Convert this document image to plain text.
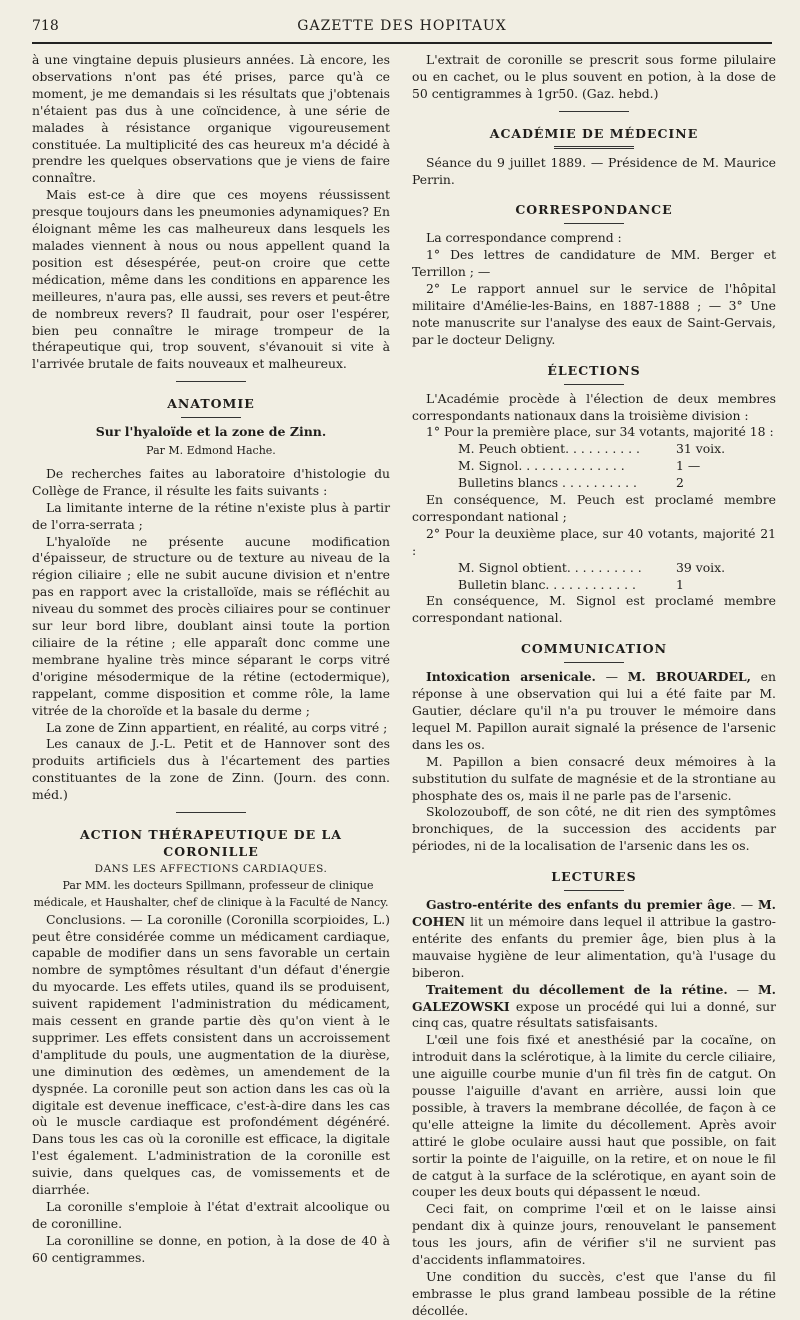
718	GAZETTE DES HOPITAUX

à une vingtaine depuis plusieurs années. Là encore, les observations n'ont pas été prises, parce qu'à ce moment, je me demandais si les résultats que j'obtenais n'étaient pas dus à une coïncidence, à une série de malades à résistance organique vigoureusement constituée. La multiplicité des cas heureux m'a décidé à prendre les quelques observations que je viens de faire connaître.

Mais est-ce à dire que ces moyens réussissent presque toujours dans les pneumonies adynamiques? En éloignant même les cas malheureux dans lesquels les malades viennent à nous ou nous appellent quand la position est désespérée, peut-on croire que cette médication, même dans les conditions en apparence les meilleures, n'aura pas, elle aussi, ses revers et peut-être de nombreux revers? Il faudrait, pour oser l'espérer, bien peu connaître le mirage trompeur de la thérapeutique qui, trop souvent, s'évanouit si vite à l'arrivée brutale de faits nouveaux et malheureux.

ANATOMIE
Sur l'hyaloïde et la zone de Zinn.
Par M. Edmond Hache.

De recherches faites au laboratoire d'histologie du Collège de France, il résulte les faits suivants :

La limitante interne de la rétine n'existe plus à partir de l'orra-serrata ;

L'hyaloïde ne présente aucune modification d'épaisseur, de structure ou de texture au niveau de la région ciliaire ; elle ne subit aucune division et n'entre pas en rapport avec la cristalloïde, mais se réfléchit au niveau du sommet des procès ciliaires pour se continuer sur leur bord libre, doublant ainsi toute la portion ciliaire de la rétine ; elle apparaît donc comme une membrane hyaline très mince séparant le corps vitré d'origine mésodermique de la rétine (ectodermique), rappelant, comme disposition et comme rôle, la lame vitrée de la choroïde et la basale du derme ;

La zone de Zinn appartient, en réalité, au corps vitré ;

Les canaux de J.-L. Petit et de Hannover sont des produits artificiels dus à l'écartement des parties constituantes de la zone de Zinn. (Journ. des conn. méd.)

ACTION THÉRAPEUTIQUE DE LA CORONILLE
DANS LES AFFECTIONS CARDIAQUES.

Par MM. les docteurs Spillmann, professeur de clinique médicale, et Haushalter, chef de clinique à la Faculté de Nancy.

Conclusions. — La coronille (Coronilla scorpioides, L.) peut être considérée comme un médicament cardiaque, capable de modifier dans un sens favorable un certain nombre de symptômes résultant d'un défaut d'énergie du myocarde. Les effets utiles, quand ils se produisent, suivent rapidement l'administration du médicament, mais cessent en grande partie dès qu'on vient à le supprimer. Les effets consistent dans un accroissement d'amplitude du pouls, une augmentation de la diurèse, une diminution des œdèmes, un amendement de la dyspnée. La coronille peut son action dans les cas où la digitale est devenue inefficace, c'est-à-dire dans les cas où le muscle cardiaque est profondément dégénéré. Dans tous les cas où la coronille est efficace, la digitale l'est également. L'administration de la coronille est suivie, dans quelques cas, de vomissements et de diarrhée.

La coronille s'emploie à l'état d'extrait alcoolique ou de coronilline.

La coronilline se donne, en potion, à la dose de 40 à 60 centigrammes.

L'extrait de coronille se prescrit sous forme pilulaire ou en cachet, ou le plus souvent en potion, à la dose de 50 centigrammes à 1gr50. (Gaz. hebd.)

ACADÉMIE DE MÉDECINE

Séance du 9 juillet 1889. — Présidence de M. Maurice Perrin.

CORRESPONDANCE

La correspondance comprend :

1° Des lettres de candidature de MM. Berger et Terrillon ; —

2° Le rapport annuel sur le service de l'hôpital militaire d'Amélie-les-Bains, en 1887-1888 ; — 3° Une note manuscrite sur l'analyse des eaux de Saint-Gervais, par le docteur Deligny.

ÉLECTIONS

L'Académie procède à l'élection de deux membres correspondants nationaux dans la troisième division :

1° Pour la première place, sur 34 votants, majorité 18 :

M. Peuch obtient. . . . . . . . . .	31 voix.
M. Signol. . . . . . . . . . . . . .	1 —
Bulletins blancs . . . . . . . . . .	2

En conséquence, M. Peuch est proclamé membre correspondant national ;

2° Pour la deuxième place, sur 40 votants, majorité 21 :

M. Signol obtient. . . . . . . . . .	39 voix.
Bulletin blanc. . . . . . . . . . . .	1

En conséquence, M. Signol est proclamé membre correspondant national.

COMMUNICATION

Intoxication arsenicale. — M. BROUARDEL, en réponse à une observation qui lui a été faite par M. Gautier, déclare qu'il n'a pu trouver le mémoire dans lequel M. Papillon aurait signalé la présence de l'arsenic dans les os.

M. Papillon a bien consacré deux mémoires à la substitution du sulfate de magnésie et de la strontiane au phosphate des os, mais il ne parle pas de l'arsenic.

Skolozouboff, de son côté, ne dit rien des symptômes bronchiques, de la succession des accidents par périodes, ni de la localisation de l'arsenic dans les os.

LECTURES

Gastro-entérite des enfants du premier âge. — M. COHEN lit un mémoire dans lequel il attribue la gastro-entérite des enfants du premier âge, bien plus à la mauvaise hygiène de leur alimentation, qu'à l'usage du biberon.

Traitement du décollement de la rétine. — M. GALEZOWSKI expose un procédé qui lui a donné, sur cinq cas, quatre résultats satisfaisants.

L'œil une fois fixé et anesthésié par la cocaïne, on introduit dans la sclérotique, à la limite du cercle ciliaire, une aiguille courbe munie d'un fil très fin de catgut. On pousse l'aiguille d'avant en arrière, aussi loin que possible, à travers la membrane décollée, de façon à ce qu'elle atteigne la limite du décollement. Après avoir attiré le globe oculaire aussi haut que possible, on fait sortir la pointe de l'aiguille, on la retire, et on noue le fil de catgut à la surface de la sclérotique, en ayant soin de couper les deux bouts qui dépassent le nœud.

Ceci fait, on comprime l'œil et on le laisse ainsi pendant dix à quinze jours, renouvelant le pansement tous les jours, afin de vérifier s'il ne survient pas d'accidents inflammatoires.

Une condition du succès, c'est que l'anse du fil embrasse le plus grand lambeau possible de la rétine décollée.
